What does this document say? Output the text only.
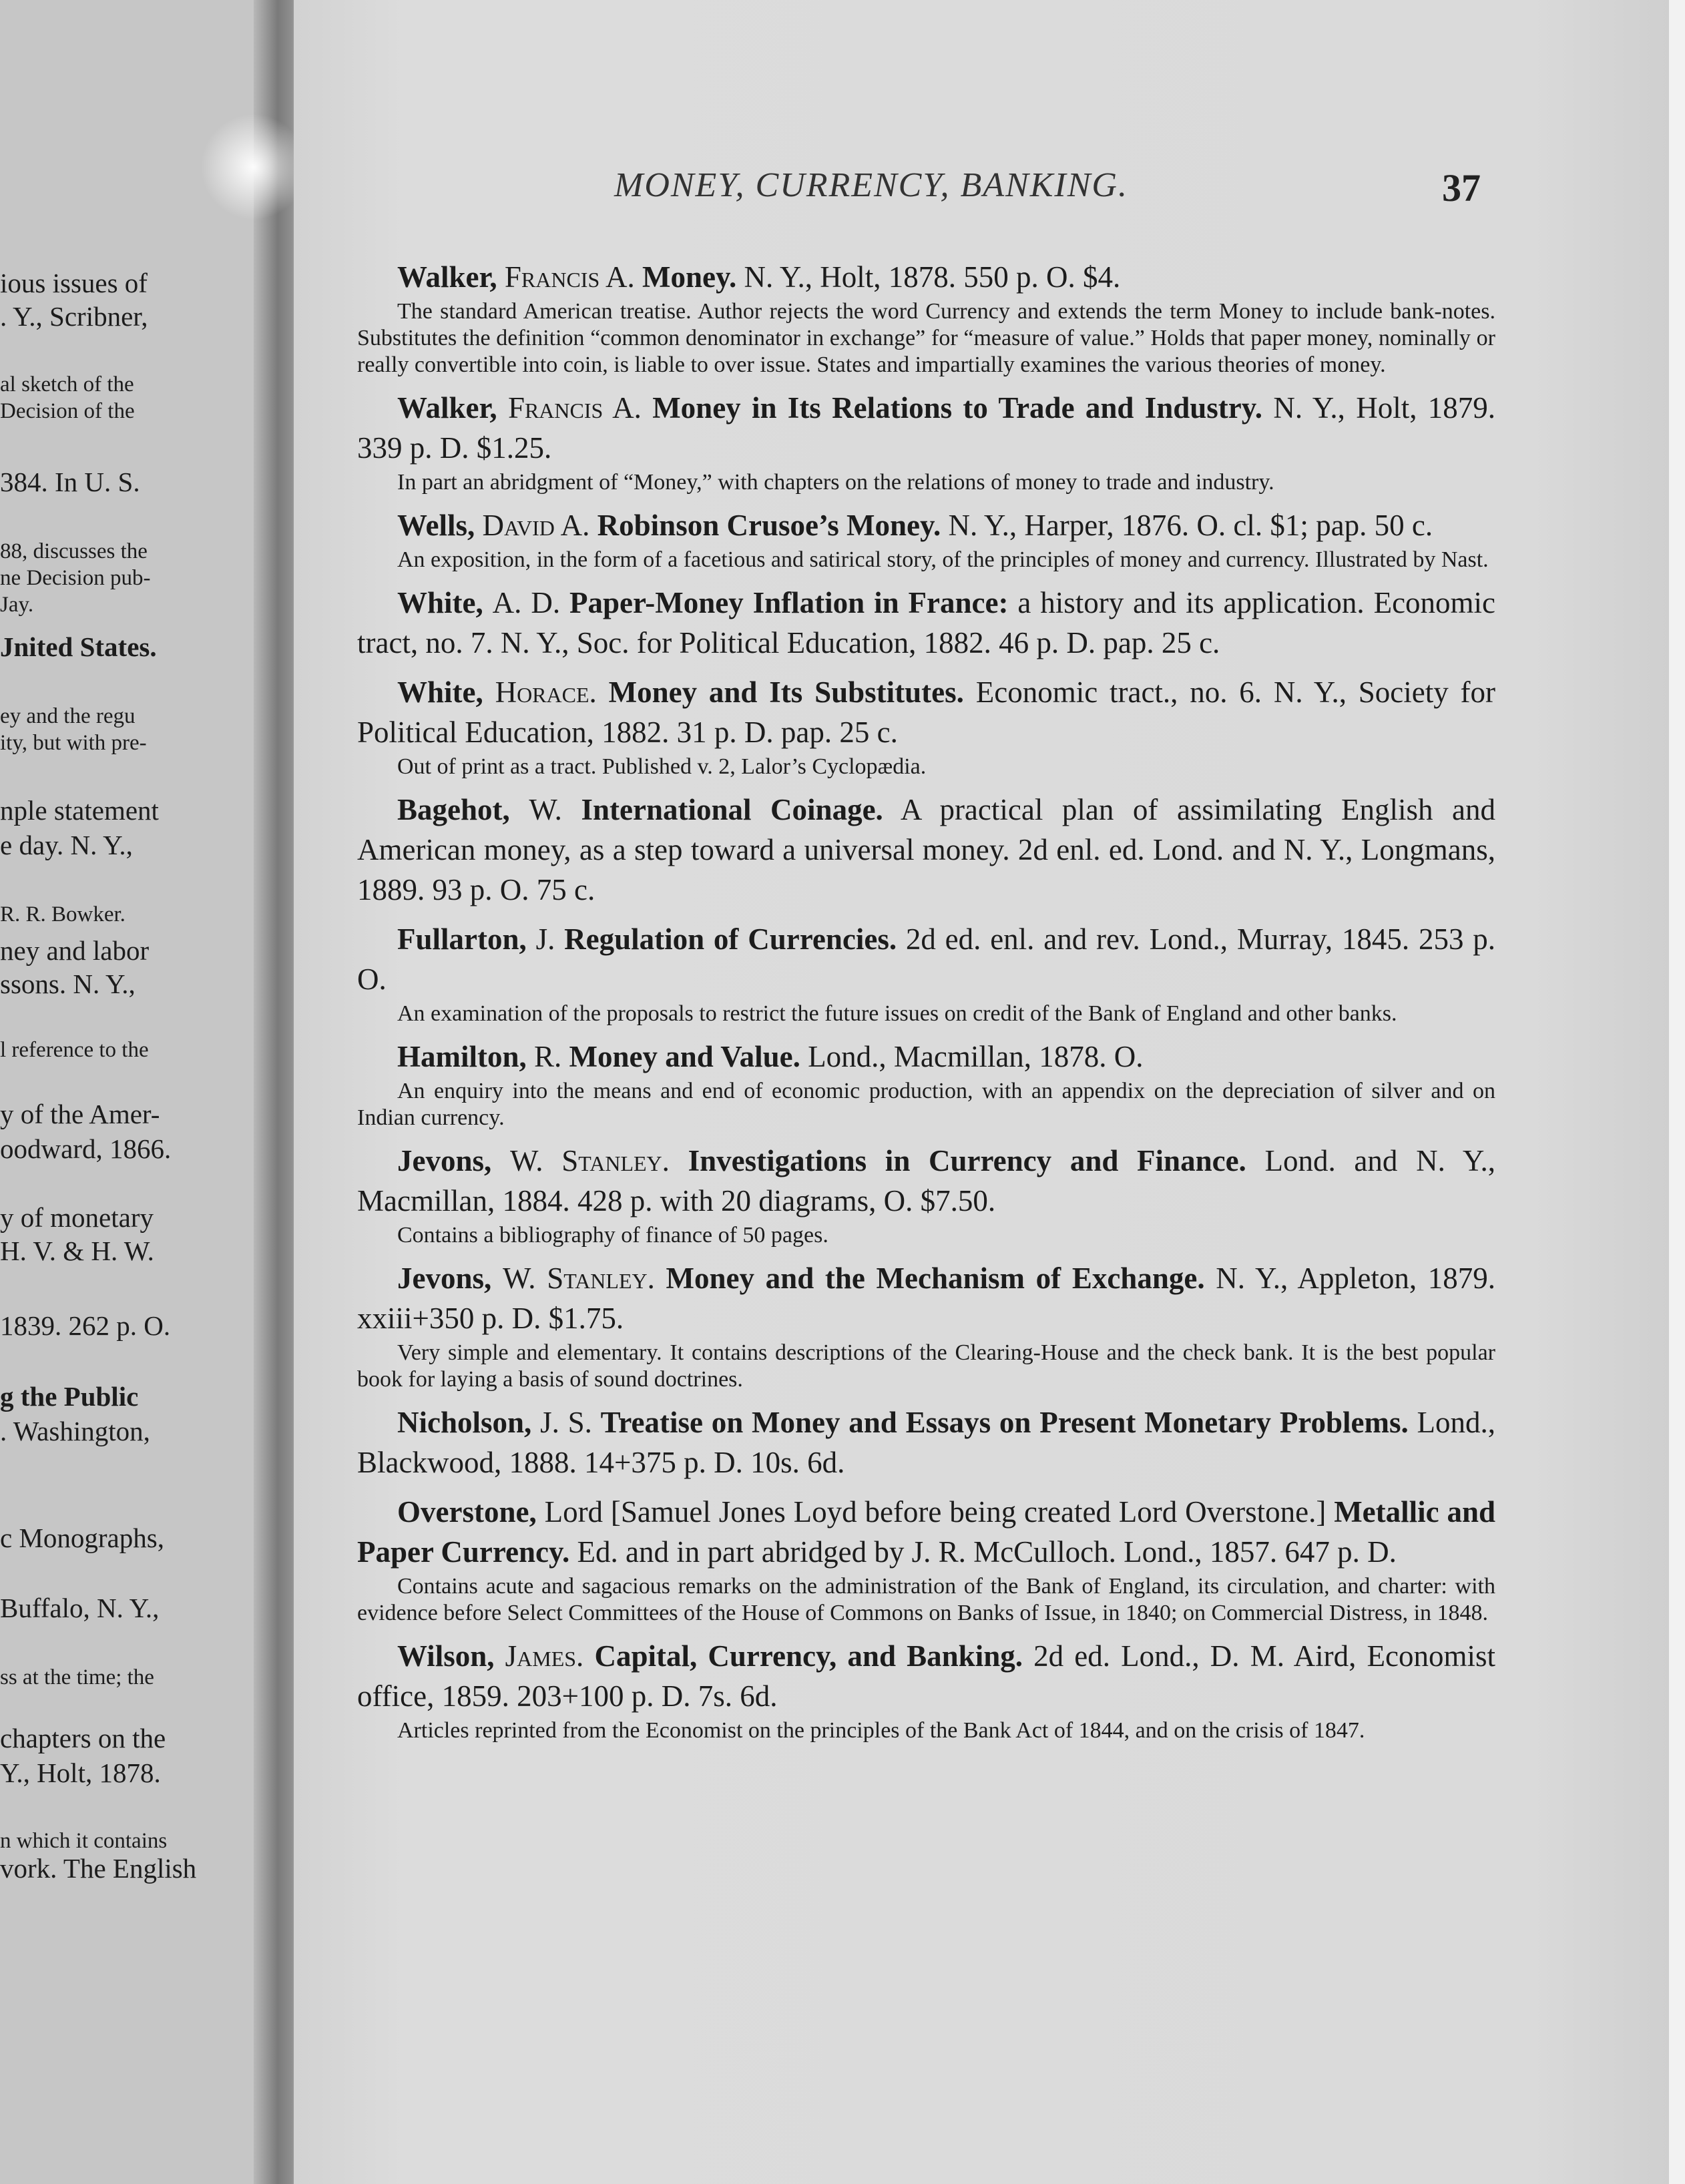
ious issues of
. Y., Scribner,
al sketch of the
Decision of the
384. In U. S.
88, discusses the
ne Decision pub-
Jay.
Jnited States.
ey and the regu
ity, but with pre-
nple statement
e day. N. Y.,
R. R. Bowker.
ney and labor
ssons. N. Y.,
l reference to the
y of the Amer-
oodward, 1866.
y of monetary
H. V. & H. W.
1839. 262 p. O.
g the Public
. Washington,
c Monographs,
Buffalo, N. Y.,
ss at the time; the
chapters on the
Y., Holt, 1878.
n which it contains
vork. The English
MONEY, CURRENCY, BANKING.	37
Walker, Francis A. Money. N. Y., Holt, 1878. 550 p. O. $4.
The standard American treatise. Author rejects the word Currency and extends the term Money to include bank-notes. Substitutes the definition “common denominator in exchange” for “measure of value.” Holds that paper money, nominally or really convertible into coin, is liable to over issue. States and impartially examines the various theories of money.
Walker, Francis A. Money in Its Relations to Trade and Industry. N. Y., Holt, 1879. 339 p. D. $1.25.
In part an abridgment of “Money,” with chapters on the relations of money to trade and industry.
Wells, David A. Robinson Crusoe’s Money. N. Y., Harper, 1876. O. cl. $1; pap. 50 c.
An exposition, in the form of a facetious and satirical story, of the principles of money and currency. Illustrated by Nast.
White, A. D. Paper-Money Inflation in France: a history and its application. Economic tract, no. 7. N. Y., Soc. for Political Education, 1882. 46 p. D. pap. 25 c.
White, Horace. Money and Its Substitutes. Economic tract., no. 6. N. Y., Society for Political Education, 1882. 31 p. D. pap. 25 c.
Out of print as a tract. Published v. 2, Lalor’s Cyclopædia.
Bagehot, W. International Coinage. A practical plan of assimilating English and American money, as a step toward a universal money. 2d enl. ed. Lond. and N. Y., Longmans, 1889. 93 p. O. 75 c.
Fullarton, J. Regulation of Currencies. 2d ed. enl. and rev. Lond., Murray, 1845. 253 p. O.
An examination of the proposals to restrict the future issues on credit of the Bank of England and other banks.
Hamilton, R. Money and Value. Lond., Macmillan, 1878. O.
An enquiry into the means and end of economic production, with an appendix on the depreciation of silver and on Indian currency.
Jevons, W. Stanley. Investigations in Currency and Finance. Lond. and N. Y., Macmillan, 1884. 428 p. with 20 diagrams, O. $7.50.
Contains a bibliography of finance of 50 pages.
Jevons, W. Stanley. Money and the Mechanism of Exchange. N. Y., Appleton, 1879. xxiii+350 p. D. $1.75.
Very simple and elementary. It contains descriptions of the Clearing-House and the check bank. It is the best popular book for laying a basis of sound doctrines.
Nicholson, J. S. Treatise on Money and Essays on Present Monetary Problems. Lond., Blackwood, 1888. 14+375 p. D. 10s. 6d.
Overstone, Lord [Samuel Jones Loyd before being created Lord Overstone.] Metallic and Paper Currency. Ed. and in part abridged by J. R. McCulloch. Lond., 1857. 647 p. D.
Contains acute and sagacious remarks on the administration of the Bank of England, its circulation, and charter: with evidence before Select Committees of the House of Commons on Banks of Issue, in 1840; on Commercial Distress, in 1848.
Wilson, James. Capital, Currency, and Banking. 2d ed. Lond., D. M. Aird, Economist office, 1859. 203+100 p. D. 7s. 6d.
Articles reprinted from the Economist on the principles of the Bank Act of 1844, and on the crisis of 1847.
